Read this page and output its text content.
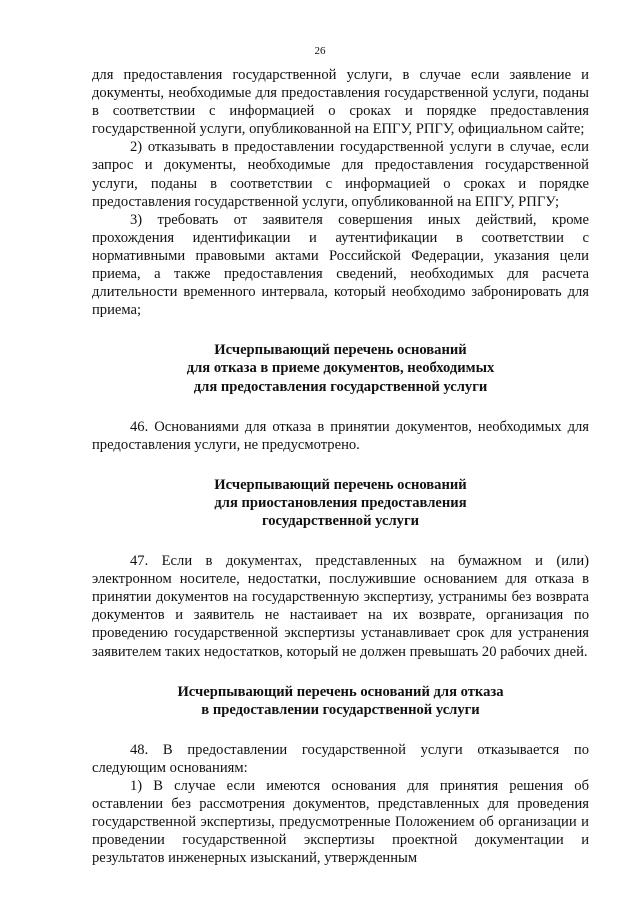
26

для предоставления государственной услуги, в случае если заявление и документы, необходимые для предоставления государственной услуги, поданы в соответствии с информацией о сроках и порядке предоставления государственной услуги, опубликованной на ЕПГУ, РПГУ, официальном сайте;

2) отказывать в предоставлении государственной услуги в случае, если запрос и документы, необходимые для предоставления государственной услуги, поданы в соответствии с информацией о сроках и порядке предоставления государственной услуги, опубликованной на ЕПГУ, РПГУ;

3) требовать от заявителя совершения иных действий, кроме прохождения идентификации и аутентификации в соответствии с нормативными правовыми актами Российской Федерации, указания цели приема, а также предоставления сведений, необходимых для расчета длительности временного интервала, который необходимо забронировать для приема;

Исчерпывающий перечень оснований
для отказа в приеме документов, необходимых
для предоставления государственной услуги

46. Основаниями для отказа в принятии документов, необходимых для предоставления услуги, не предусмотрено.

Исчерпывающий перечень оснований
для приостановления предоставления
государственной услуги

47. Если в документах, представленных на бумажном и (или) электронном носителе, недостатки, послужившие основанием для отказа в принятии документов на государственную экспертизу, устранимы без возврата документов и заявитель не настаивает на их возврате, организация по проведению государственной экспертизы устанавливает срок для устранения заявителем таких недостатков, который не должен превышать 20 рабочих дней.

Исчерпывающий перечень оснований для отказа
в предоставлении государственной услуги

48. В предоставлении государственной услуги отказывается по следующим основаниям:

1) В случае если имеются основания для принятия решения об оставлении без рассмотрения документов, представленных для проведения государственной экспертизы, предусмотренные Положением об организации и проведении государственной экспертизы проектной документации и результатов инженерных изысканий, утвержденным
